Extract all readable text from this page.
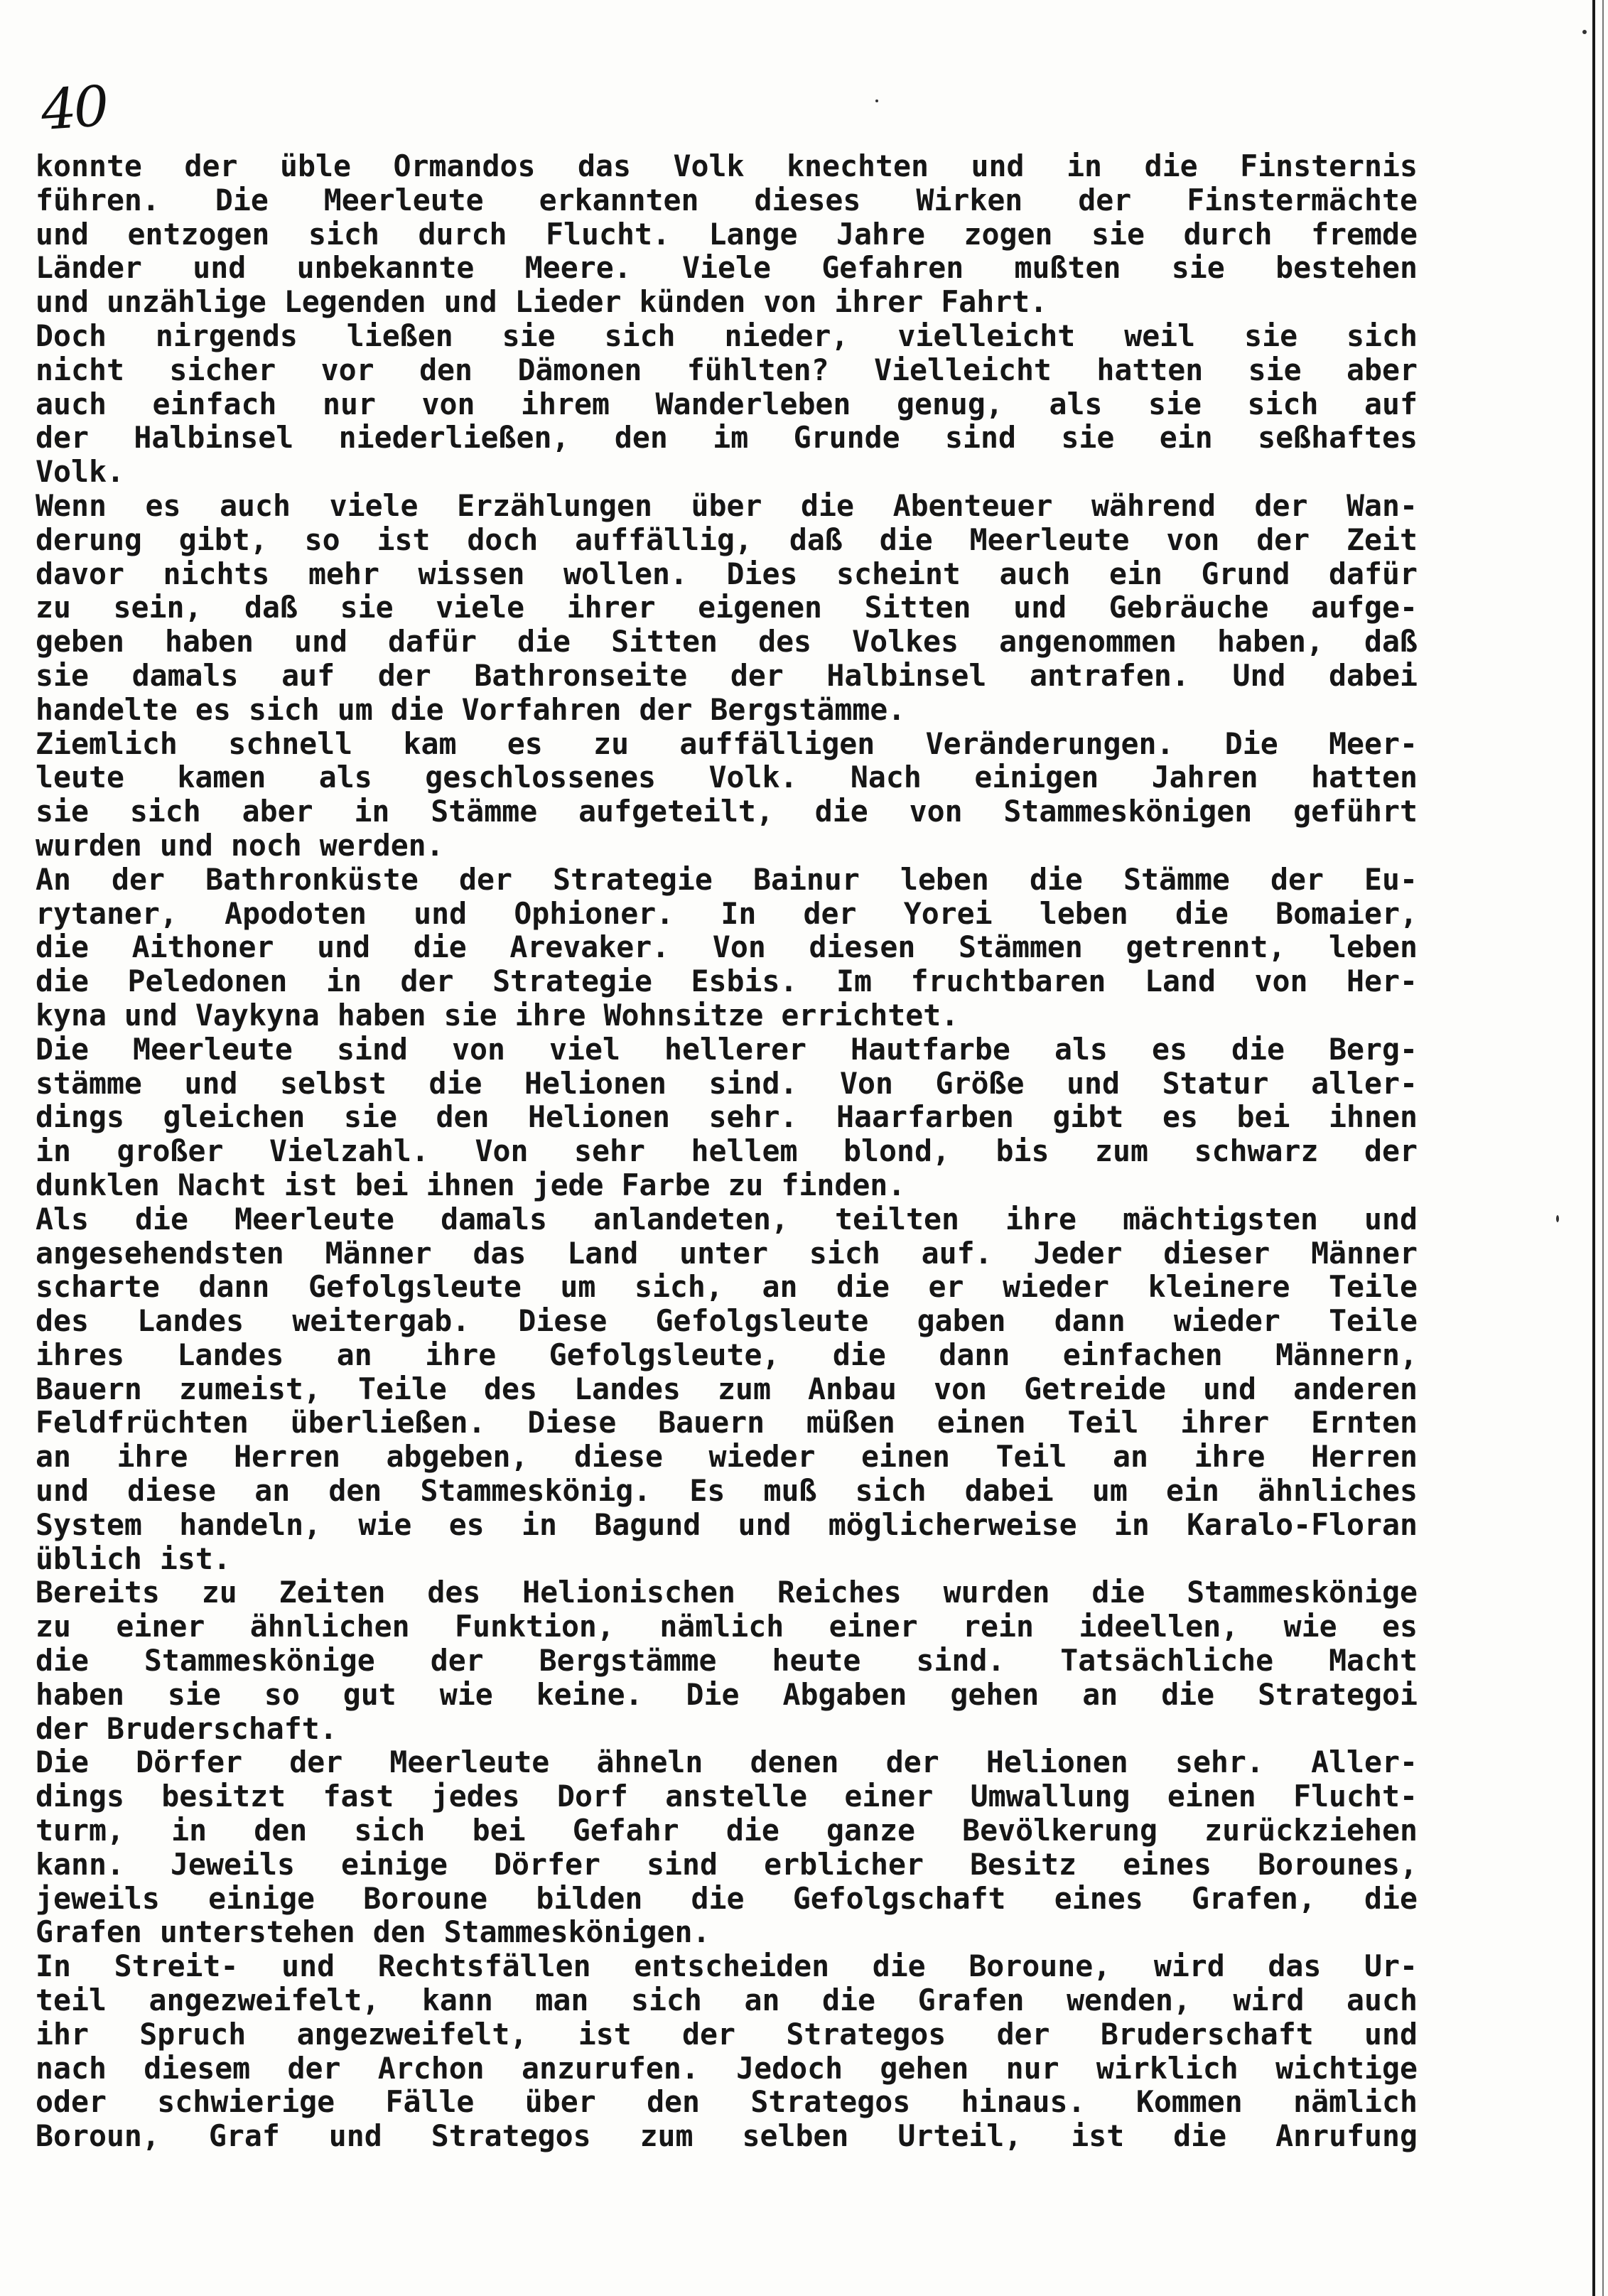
40
konnte der üble Ormandos das Volk knechten und in die Finsternis
führen. Die Meerleute erkannten dieses Wirken der Finstermächte
und entzogen sich durch Flucht. Lange Jahre zogen sie durch fremde
Länder und unbekannte Meere. Viele Gefahren mußten sie bestehen
und unzählige Legenden und Lieder künden von ihrer Fahrt.
Doch nirgends ließen sie sich nieder, vielleicht weil sie sich
nicht sicher vor den Dämonen fühlten? Vielleicht hatten sie aber
auch einfach nur von ihrem Wanderleben genug, als sie sich auf
der Halbinsel niederließen, den im Grunde sind sie ein seßhaftes
Volk.
Wenn es auch viele Erzählungen über die Abenteuer während der Wan-
derung gibt, so ist doch auffällig, daß die Meerleute von der Zeit
davor nichts mehr wissen wollen. Dies scheint auch ein Grund dafür
zu sein, daß sie viele ihrer eigenen Sitten und Gebräuche aufge-
geben haben und dafür die Sitten des Volkes angenommen haben, daß
sie damals auf der Bathronseite der Halbinsel antrafen. Und dabei
handelte es sich um die Vorfahren der Bergstämme.
Ziemlich schnell kam es zu auffälligen Veränderungen. Die Meer-
leute kamen als geschlossenes Volk. Nach einigen Jahren hatten
sie sich aber in Stämme aufgeteilt, die von Stammeskönigen geführt
wurden und noch werden.
An der Bathronküste der Strategie Bainur leben die Stämme der Eu-
rytaner, Apodoten und Ophioner. In der Yorei leben die Bomaier,
die Aithoner und die Arevaker. Von diesen Stämmen getrennt, leben
die Peledonen in der Strategie Esbis. Im fruchtbaren Land von Her-
kyna und Vaykyna haben sie ihre Wohnsitze errichtet.
Die Meerleute sind von viel hellerer Hautfarbe als es die Berg-
stämme und selbst die Helionen sind. Von Größe und Statur aller-
dings gleichen sie den Helionen sehr. Haarfarben gibt es bei ihnen
in großer Vielzahl. Von sehr hellem blond, bis zum schwarz der
dunklen Nacht ist bei ihnen jede Farbe zu finden.
Als die Meerleute damals anlandeten, teilten ihre mächtigsten und
angesehendsten Männer das Land unter sich auf. Jeder dieser Männer
scharte dann Gefolgsleute um sich, an die er wieder kleinere Teile
des Landes weitergab. Diese Gefolgsleute gaben dann wieder Teile
ihres Landes an ihre Gefolgsleute, die dann einfachen Männern,
Bauern zumeist, Teile des Landes zum Anbau von Getreide und anderen
Feldfrüchten überließen. Diese Bauern müßen einen Teil ihrer Ernten
an ihre Herren abgeben, diese wieder einen Teil an ihre Herren
und diese an den Stammeskönig. Es muß sich dabei um ein ähnliches
System handeln, wie es in Bagund und möglicherweise in Karalo-Floran
üblich ist.
Bereits zu Zeiten des Helionischen Reiches wurden die Stammeskönige
zu einer ähnlichen Funktion, nämlich einer rein ideellen, wie es
die Stammeskönige der Bergstämme heute sind. Tatsächliche Macht
haben sie so gut wie keine. Die Abgaben gehen an die Strategoi
der Bruderschaft.
Die Dörfer der Meerleute ähneln denen der Helionen sehr. Aller-
dings besitzt fast jedes Dorf anstelle einer Umwallung einen Flucht-
turm, in den sich bei Gefahr die ganze Bevölkerung zurückziehen
kann. Jeweils einige Dörfer sind erblicher Besitz eines Borounes,
jeweils einige Boroune bilden die Gefolgschaft eines Grafen, die
Grafen unterstehen den Stammeskönigen.
In Streit- und Rechtsfällen entscheiden die Boroune, wird das Ur-
teil angezweifelt, kann man sich an die Grafen wenden, wird auch
ihr Spruch angezweifelt, ist der Strategos der Bruderschaft und
nach diesem der Archon anzurufen. Jedoch gehen nur wirklich wichtige
oder schwierige Fälle über den Strategos hinaus. Kommen nämlich
Boroun, Graf und Strategos zum selben Urteil, ist die Anrufung
